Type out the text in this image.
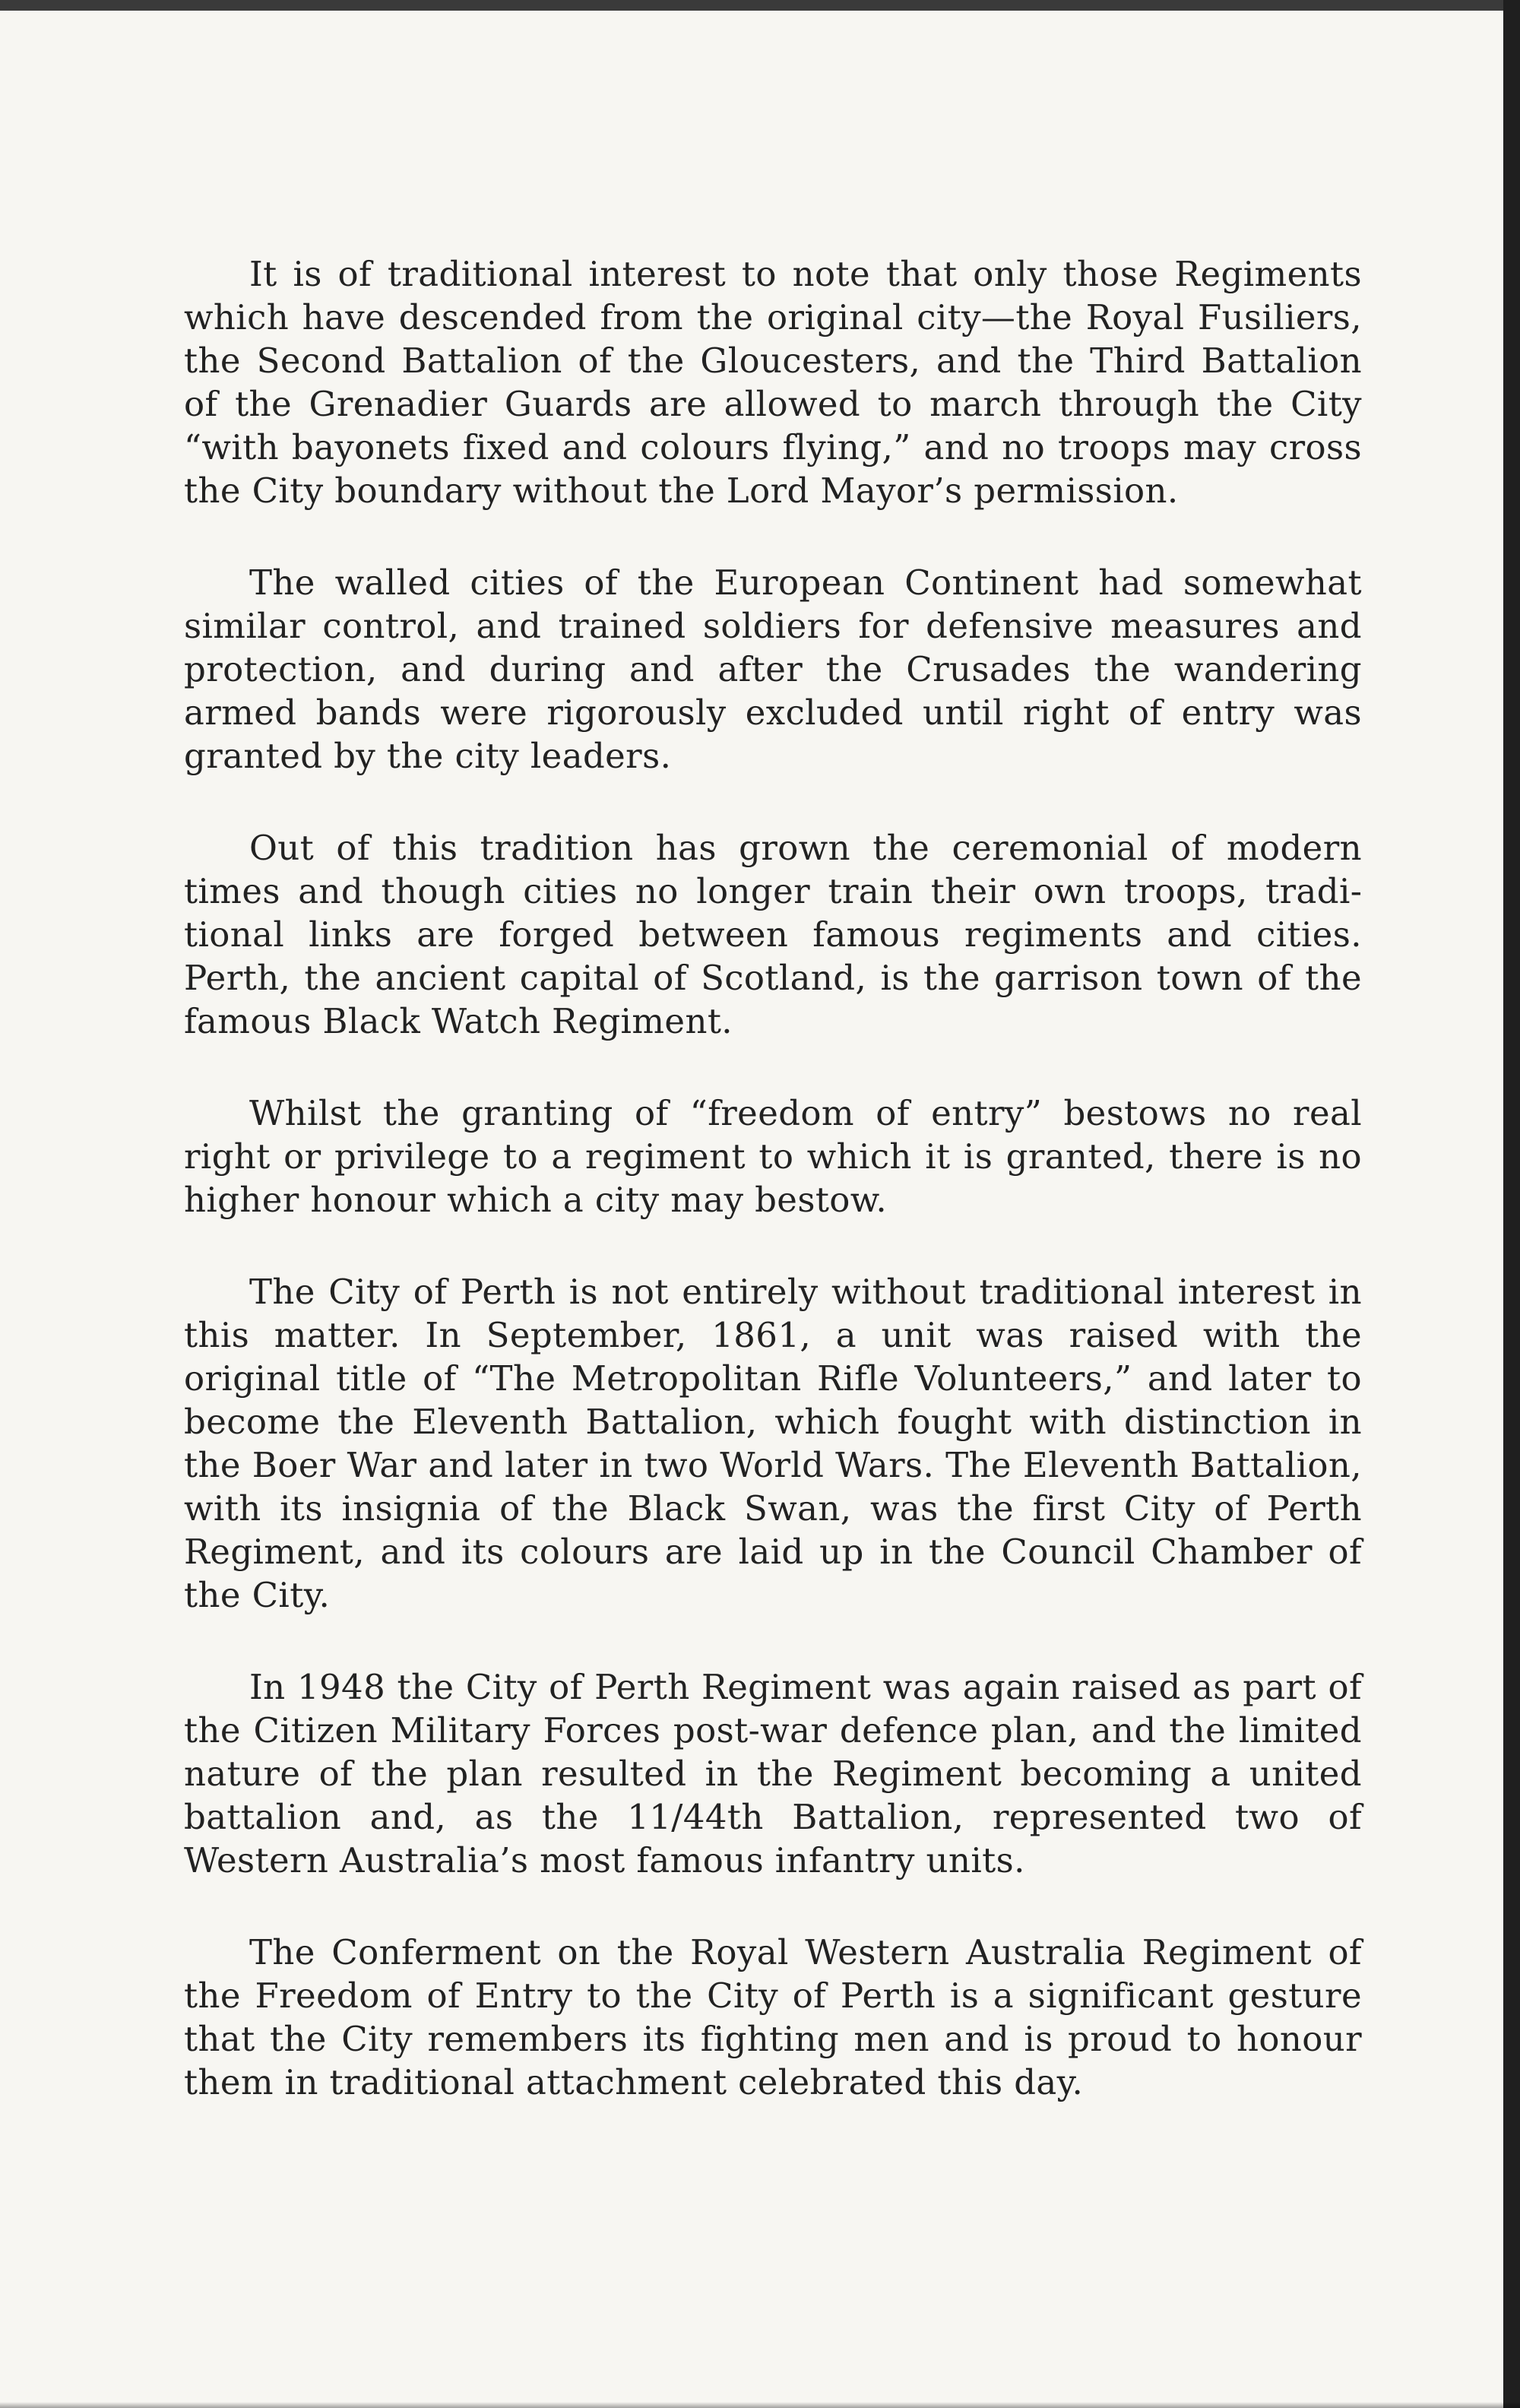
It is of traditional interest to note that only those Regiments which have descended from the original city—the Royal Fusiliers, the Second Battalion of the Gloucesters, and the Third Battalion of the Grenadier Guards are allowed to march through the City “with bayonets fixed and colours flying,” and no troops may cross the City boundary without the Lord Mayor’s permission.

The walled cities of the European Continent had somewhat similar control, and trained soldiers for defensive measures and protection, and during and after the Crusades the wandering armed bands were rigorously excluded until right of entry was granted by the city leaders.

Out of this tradition has grown the ceremonial of modern times and though cities no longer train their own troops, traditional links are forged between famous regiments and cities. Perth, the ancient capital of Scotland, is the garrison town of the famous Black Watch Regiment.

Whilst the granting of “freedom of entry” bestows no real right or privilege to a regiment to which it is granted, there is no higher honour which a city may bestow.

The City of Perth is not entirely without traditional interest in this matter. In September, 1861, a unit was raised with the original title of “The Metropolitan Rifle Volunteers,” and later to become the Eleventh Battalion, which fought with distinction in the Boer War and later in two World Wars. The Eleventh Battalion, with its insignia of the Black Swan, was the first City of Perth Regiment, and its colours are laid up in the Council Chamber of the City.

In 1948 the City of Perth Regiment was again raised as part of the Citizen Military Forces post-war defence plan, and the limited nature of the plan resulted in the Regiment becoming a united battalion and, as the 11/44th Battalion, represented two of Western Australia’s most famous infantry units.

The Conferment on the Royal Western Australia Regiment of the Freedom of Entry to the City of Perth is a significant gesture that the City remembers its fighting men and is proud to honour them in traditional attachment celebrated this day.
